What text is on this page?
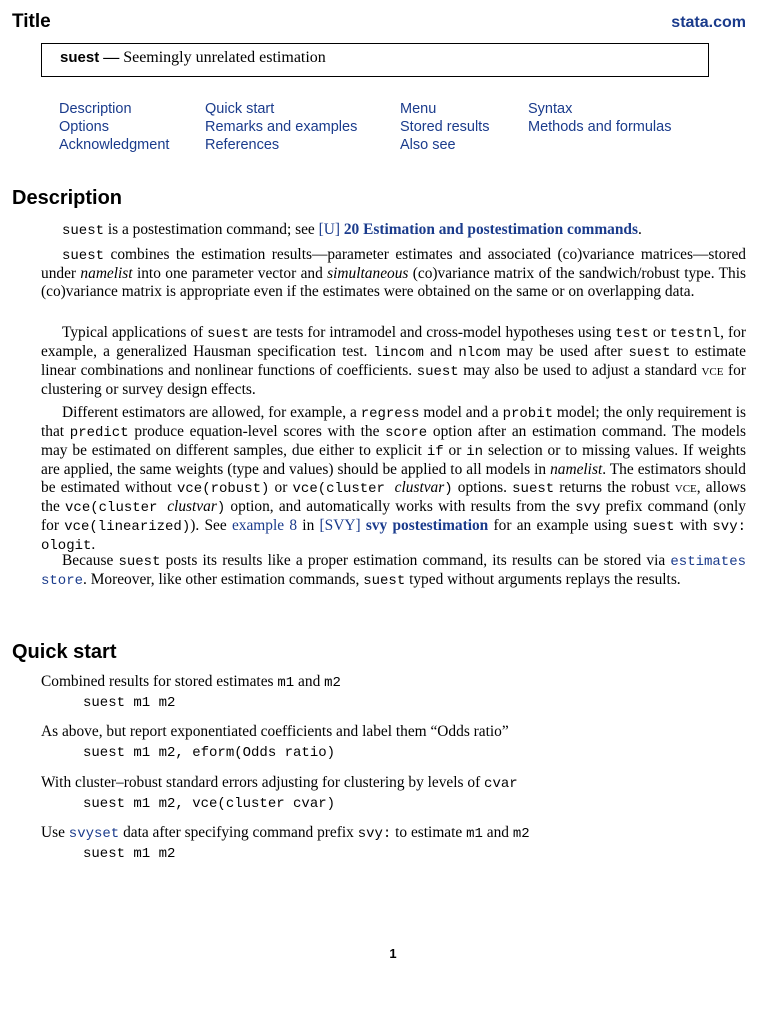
Title	stata.com
suest — Seemingly unrelated estimation
Description
Options
Acknowledgment
Quick start
Remarks and examples
References
Menu
Stored results
Also see
Syntax
Methods and formulas
Description

suest is a postestimation command; see [U] 20 Estimation and postestimation commands.

suest combines the estimation results—parameter estimates and associated (co)variance matrices—stored under namelist into one parameter vector and simultaneous (co)variance matrix of the sandwich/robust type. This (co)variance matrix is appropriate even if the estimates were obtained on the same or on overlapping data.

Typical applications of suest are tests for intramodel and cross-model hypotheses using test or testnl, for example, a generalized Hausman specification test. lincom and nlcom may be used after suest to estimate linear combinations and nonlinear functions of coefficients. suest may also be used to adjust a standard vce for clustering or survey design effects.

Different estimators are allowed, for example, a regress model and a probit model; the only requirement is that predict produce equation-level scores with the score option after an estimation command. The models may be estimated on different samples, due either to explicit if or in selection or to missing values. If weights are applied, the same weights (type and values) should be applied to all models in namelist. The estimators should be estimated without vce(robust) or vce(cluster clustvar) options. suest returns the robust vce, allows the vce(cluster clustvar) option, and automatically works with results from the svy prefix command (only for vce(linearized)). See example 8 in [SVY] svy postestimation for an example using suest with svy: ologit.

Because suest posts its results like a proper estimation command, its results can be stored via estimates store. Moreover, like other estimation commands, suest typed without arguments replays the results.

Quick start

Combined results for stored estimates m1 and m2

suest m1 m2

As above, but report exponentiated coefficients and label them “Odds ratio”

suest m1 m2, eform(Odds ratio)

With cluster–robust standard errors adjusting for clustering by levels of cvar

suest m1 m2, vce(cluster cvar)

Use svyset data after specifying command prefix svy: to estimate m1 and m2

suest m1 m2

1
